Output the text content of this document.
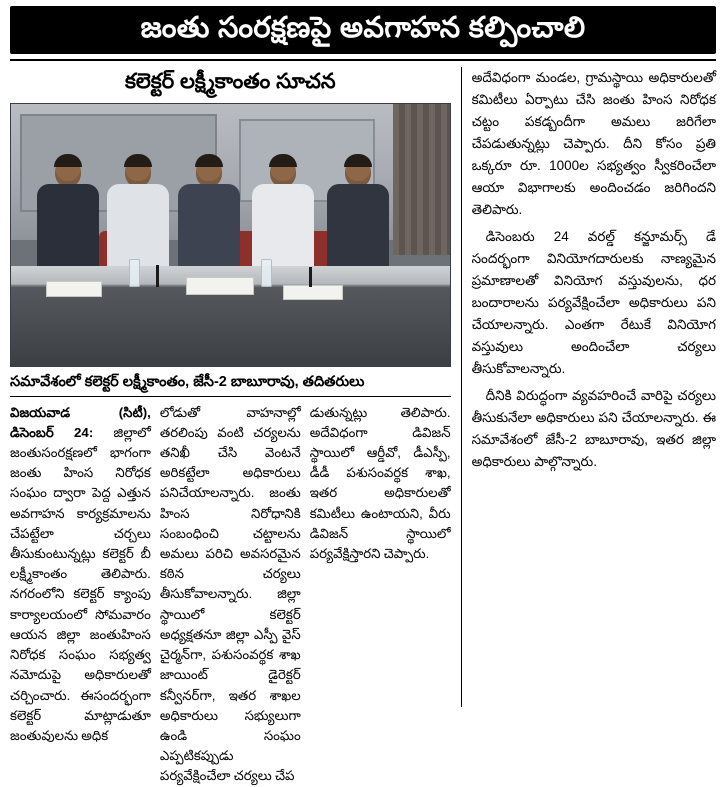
జంతు సంరక్షణపై అవగాహన కల్పించాలి
కలెక్టర్ లక్ష్మీకాంతం సూచన
సమావేశంలో కలెక్టర్ లక్ష్మీకాంతం, జేసీ-2 బాబూరావు, తదితరులు

విజయవాడ (సిటీ), డిసెంబర్ 24: జిల్లాలో జంతుసంరక్షణలో భాగంగా జంతు హింస నిరోధక సంఘం ద్వారా పెద్ద ఎత్తున అవగాహన కార్యక్రమాలను చేపట్టేలా చర్చలు తీసుకుంటున్నట్లు కలెక్టర్ బీ లక్ష్మీకాంతం తెలిపారు. నగరంలోని కలెక్టర్ క్యాంపు కార్యాలయంలో సోమవారం ఆయన జిల్లా జంతుహింస నిరోధక సంఘం సభ్యత్వ నమోదుపై అధికారులతో చర్చించారు. ఈసందర్భంగా కలెక్టర్ మాట్లాడుతూ జంతువులను అధిక

లోడుతో వాహనాల్లో తరలింపు వంటి చర్యలను తనిఖీ చేసి వెంటనే అరికట్టేలా అధికారులు పనిచేయాలన్నారు. జంతు హింస నిరోధానికి సంబంధించి చట్టాలను అమలు పరిచి అవసరమైన కఠిన చర్యలు తీసుకోవాలన్నారు. జిల్లా స్థాయిలో కలెక్టర్ అధ్యక్షతనూ జిల్లా ఎస్పీ వైస్ చైర్మన్‌గా, పశుసంవర్థక శాఖ జాయింట్ డైరెక్టర్ కన్వీనర్‌గా, ఇతర శాఖల అధికారులు సభ్యులుగా ఉండి సంఘం ఎప్పటికప్పుడు పర్యవేక్షించేలా చర్యలు చేప

డుతున్నట్లు తెలిపారు. అదేవిధంగా డివిజన్ స్థాయిలో ఆర్డీవో, డీఎస్పీ, డీడీ పశుసంవర్థక శాఖ, ఇతర అధికారులతో కమిటీలు ఉంటాయని, వీరు డివిజన్ స్థాయిలో పర్యవేక్షిస్తారని చెప్పారు.

అదేవిధంగా మండల, గ్రామస్థాయి అధికారులతో కమిటీలు ఏర్పాటు చేసి జంతు హింస నిరోధక చట్టం పకడ్బందీగా అమలు జరిగేలా చేపడుతున్నట్లు చెప్పారు. దీని కోసం ప్రతి ఒక్కరూ రూ. 1000ల సభ్యత్వం స్వీకరించేలా ఆయా విభాగాలకు అందించడం జరిగిందని తెలిపారు.

డిసెంబరు 24 వరల్డ్ కన్జూమర్స్ డే సందర్భంగా వినియోగదారులకు నాణ్యమైన ప్రమాణాలతో వినియోగ వస్తువులను, ధర బందారాలను పర్యవేక్షించేలా అధికారులు పని చేయాలన్నారు. ఎంతగా రేటుకే వినియోగ వస్తువులు అందించేలా చర్యలు తీసుకోవాలన్నారు.

దీనికి విరుద్ధంగా వ్యవహరించే వారిపై చర్యలు తీసుకునేలా అధికారులు పని చేయాలన్నారు. ఈ సమావేశంలో జేసీ-2 బాబూరావు, ఇతర జిల్లా అధికారులు పాల్గొన్నారు.
